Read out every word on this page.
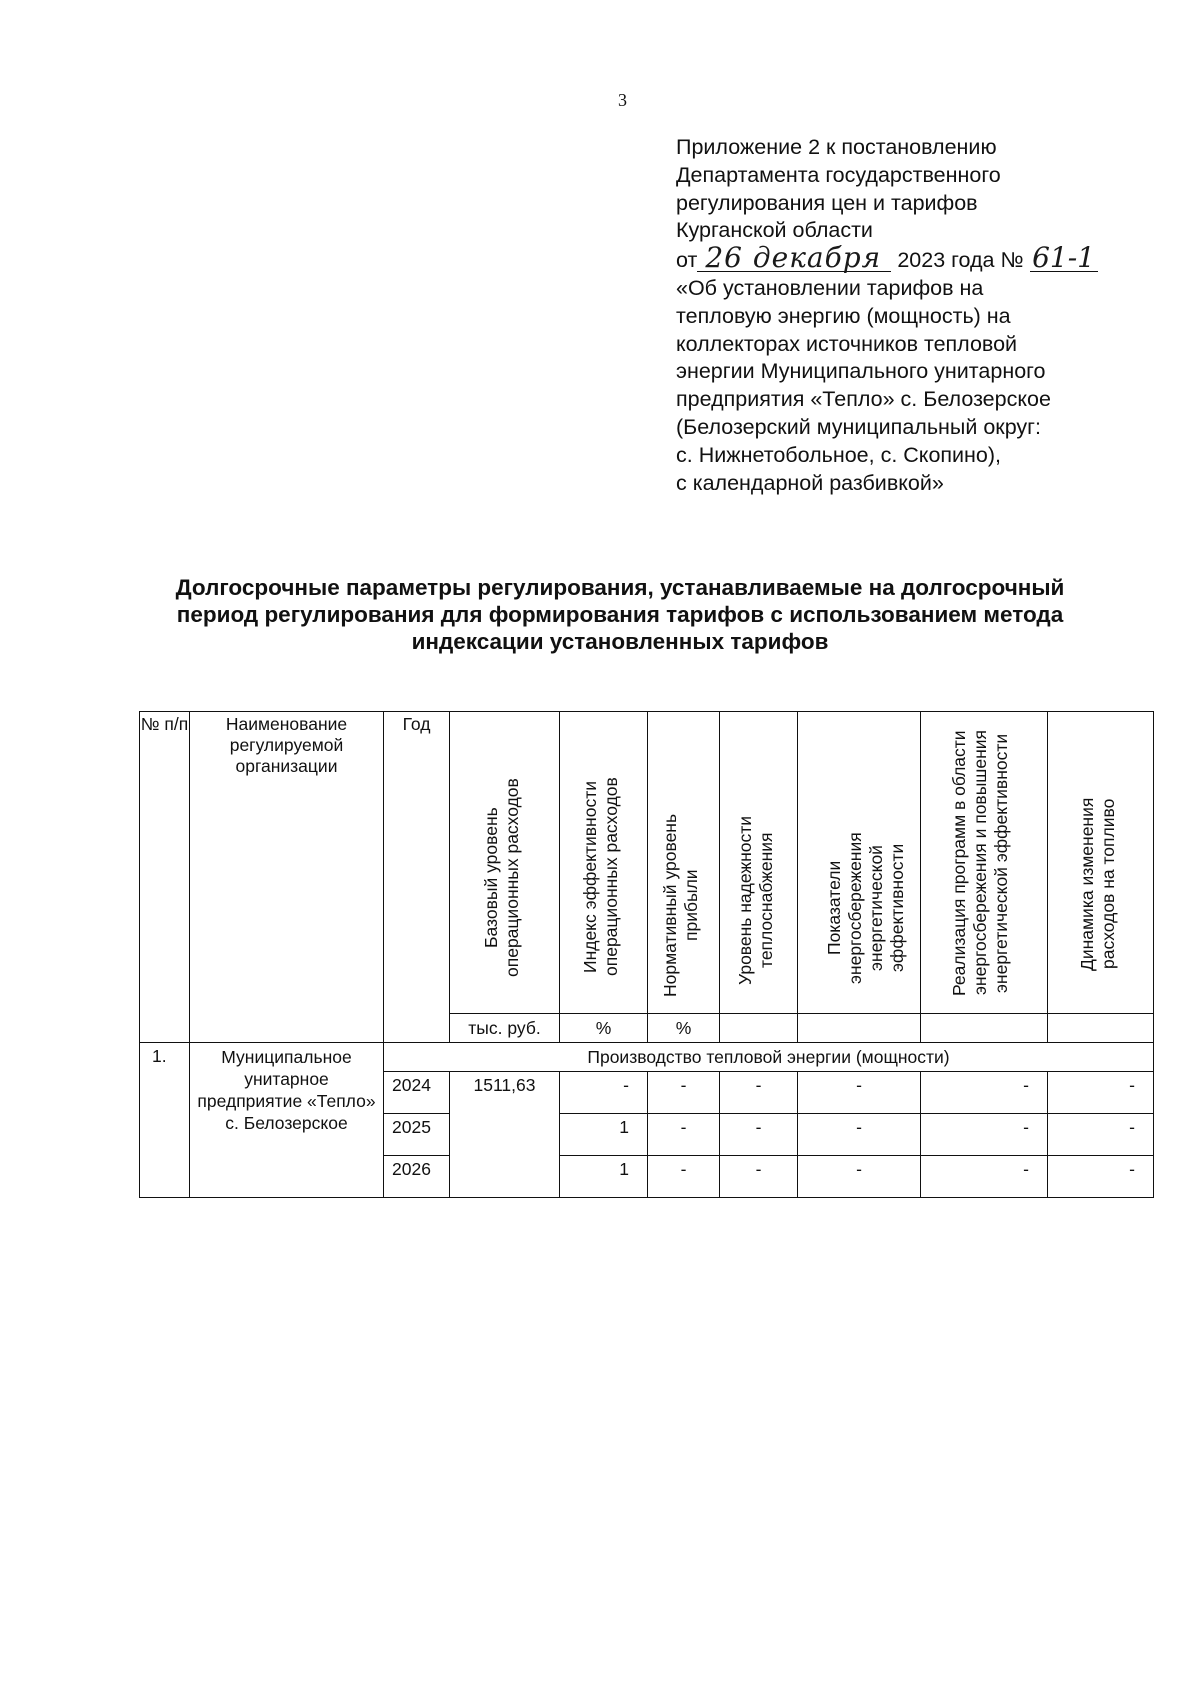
3
Приложение 2 к постановлению
Департамента государственного
регулирования цен и тарифов
Курганской области
от 26 декабря 2023 года № 61-1
«Об установлении тарифов на
тепловую энергию (мощность) на
коллекторах источников тепловой
энергии Муниципального унитарного
предприятия «Тепло» с. Белозерское
(Белозерский муниципальный округ:
с. Нижнетобольное, с. Скопино),
с календарной разбивкой»
Долгосрочные параметры регулирования, устанавливаемые на долгосрочный
период регулирования для формирования тарифов с использованием метода
индексации установленных тарифов
№ п/п	Наименование регулируемой организации	Год	Базовый уровень операционных расходов	Индекс эффективности операционных расходов	Нормативный уровень прибыли	Уровень надежности теплоснабжения	Показатели энергосбережения энергетической эффективности	Реализация программ в области энергосбережения и повышения энергетической эффективности	Динамика изменения расходов на топливо
			тыс. руб.	%	%				
1.	Муниципальное унитарное предприятие «Тепло» с. Белозерское	Производство тепловой энергии (мощности)							
		2024	1511,63	-	-	-	-	-	-
		2025		1	-	-	-	-	-
		2026		1	-	-	-	-	-
